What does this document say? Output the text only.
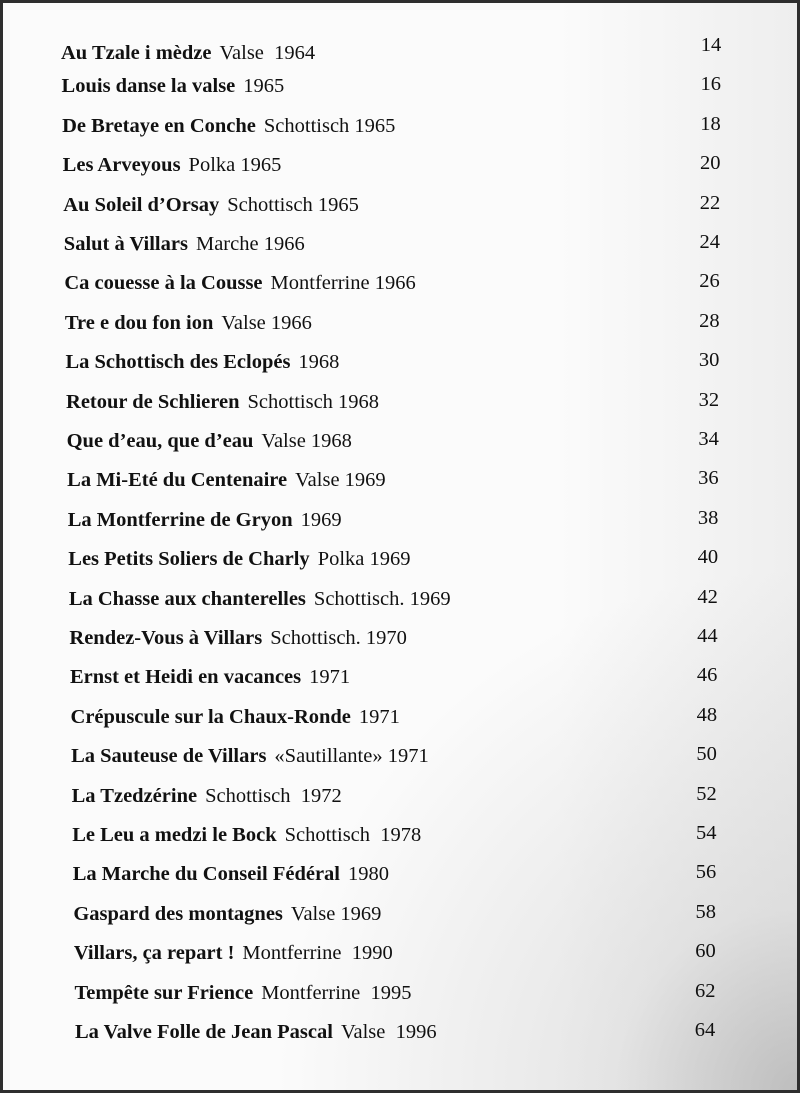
Au Tzale i mèdze Valse  1964	14
Louis danse la valse 1965	16
De Bretaye en Conche Schottisch 1965	18
Les Arveyous Polka 1965	20
Au Soleil d’Orsay Schottisch 1965	22
Salut à Villars Marche 1966	24
Ca couesse à la Cousse Montferrine 1966	26
Tre e dou fon ion Valse 1966	28
La Schottisch des Eclopés 1968	30
Retour de Schlieren Schottisch 1968	32
Que d’eau, que d’eau Valse 1968	34
La Mi-Eté du Centenaire Valse 1969	36
La Montferrine de Gryon 1969	38
Les Petits Soliers de Charly Polka 1969	40
La Chasse aux chanterelles Schottisch. 1969	42
Rendez-Vous à Villars Schottisch. 1970	44
Ernst et Heidi en vacances 1971	46
Crépuscule sur la Chaux-Ronde 1971	48
La Sauteuse de Villars «Sautillante» 1971	50
La Tzedzérine Schottisch  1972	52
Le Leu a medzi le Bock Schottisch  1978	54
La Marche du Conseil Fédéral 1980	56
Gaspard des montagnes Valse 1969	58
Villars, ça repart ! Montferrine  1990	60
Tempête sur Frience Montferrine  1995	62
La Valve Folle de Jean Pascal Valse  1996	64
